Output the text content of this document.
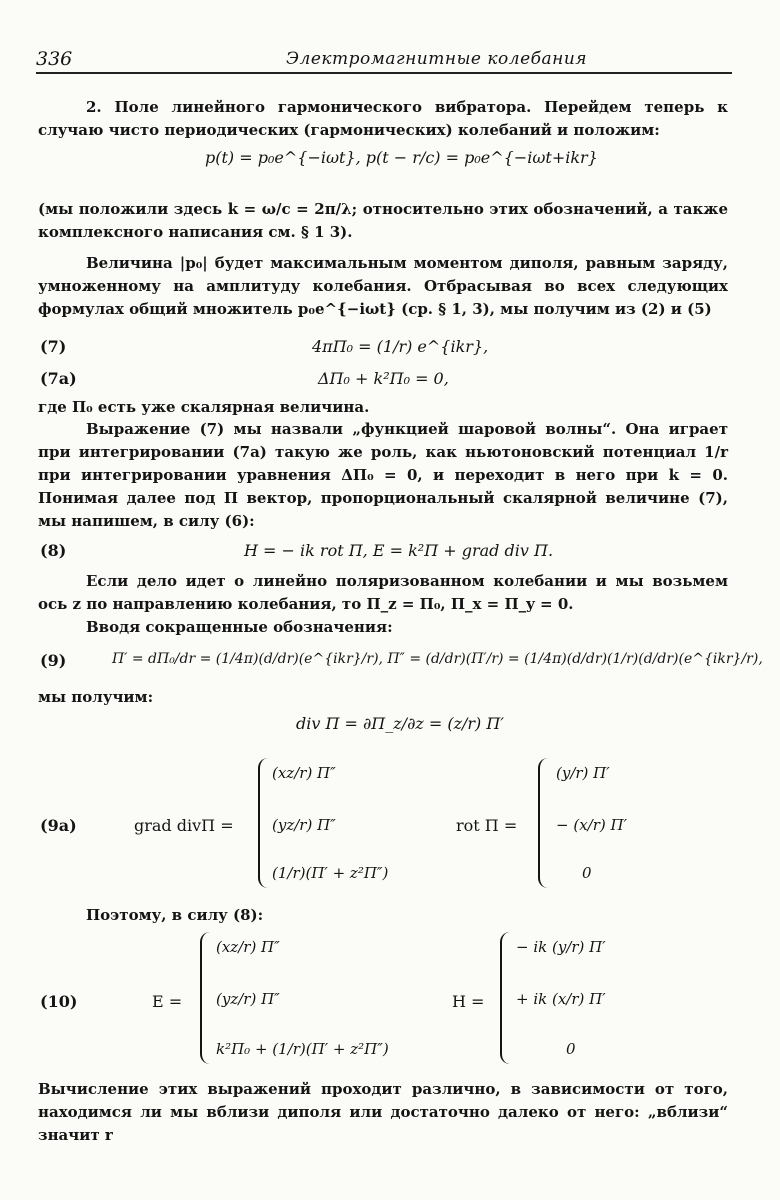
336	Электромагнитные колебания
2. Поле линейного гармонического вибратора. Перейдем теперь к случаю чисто периодических (гармонических) колебаний и положим:
p(t) = p₀e^{−iωt}, p(t − r/c) = p₀e^{−iωt+ikr}
(мы положили здесь k = ω/c = 2π/λ; относительно этих обозначений, а также комплексного написания см. § 1 3).
Величина |p₀| будет максимальным моментом диполя, равным заряду, умноженному на амплитуду колебания. Отбрасывая во всех следующих формулах общий множитель p₀e^{−iωt} (ср. § 1, 3), мы получим из (2) и (5)
(7)	4πΠ₀ = (1/r) e^{ikr},
(7а)	ΔΠ₀ + k²Π₀ = 0,
где Π₀ есть уже скалярная величина.
Выражение (7) мы назвали „функцией шаровой волны“. Она играет при интегрировании (7а) такую же роль, как ньютоновский потенциал 1/r при интегрировании уравнения ΔΠ₀ = 0, и переходит в него при k = 0. Понимая далее под Π вектор, пропорциональный скалярной величине (7), мы напишем, в силу (6):
(8)	H = − ik rot Π, E = k²Π + grad div Π.
Если дело идет о линейно поляризованном колебании и мы возьмем ось z по направлению колебания, то Π_z = Π₀, Π_x = Π_y = 0.
Вводя сокращенные обозначения:
(9)	Π′ = dΠ₀/dr = (1/4π)(d/dr)(e^{ikr}/r), Π″ = (d/dr)(Π′/r) = (1/4π)(d/dr)(1/r)(d/dr)(e^{ikr}/r),
мы получим:
div Π = ∂Π_z/∂z = (z/r) Π′
(9а)	grad divΠ =
(xz/r) Π″
(yz/r) Π″
(1/r)(Π′ + z²Π″)
rot Π =
(y/r) Π′
− (x/r) Π′
0
Поэтому, в силу (8):
(10)	E =
(xz/r) Π″
(yz/r) Π″
k²Π₀ + (1/r)(Π′ + z²Π″)
H =
− ik (y/r) Π′
+ ik (x/r) Π′
0
Вычисление этих выражений проходит различно, в зависимости от того, находимся ли мы вблизи диполя или достаточно далеко от него: „вблизи“ значит r
